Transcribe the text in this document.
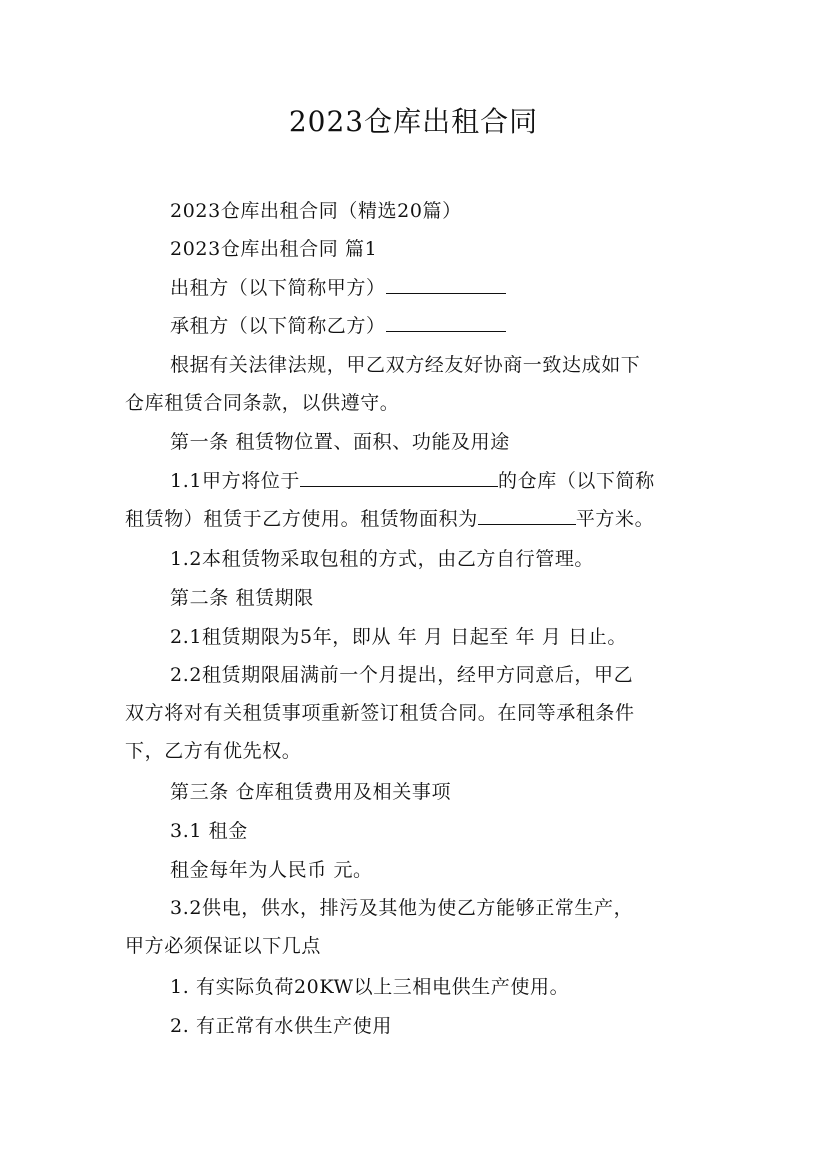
2023仓库出租合同

2023仓库出租合同（精选20篇）

2023仓库出租合同 篇1

出租方（以下简称甲方）

承租方（以下简称乙方）

根据有关法律法规，甲乙双方经友好协商一致达成如下
仓库租赁合同条款，以供遵守。

第一条 租赁物位置、面积、功能及用途

1.1甲方将位于	的仓库（以下简称
租赁物）租赁于乙方使用。租赁物面积为	平方米。

1.2本租赁物采取包租的方式，由乙方自行管理。

第二条 租赁期限

2.1租赁期限为5年，即从 年 月 日起至 年 月 日止。

2.2租赁期限届满前一个月提出，经甲方同意后，甲乙
双方将对有关租赁事项重新签订租赁合同。在同等承租条件
下，乙方有优先权。

第三条 仓库租赁费用及相关事项

3.1 租金

租金每年为人民币 元。

3.2供电，供水，排污及其他为使乙方能够正常生产，
甲方必须保证以下几点

1. 有实际负荷20KW以上三相电供生产使用。

2. 有正常有水供生产使用
